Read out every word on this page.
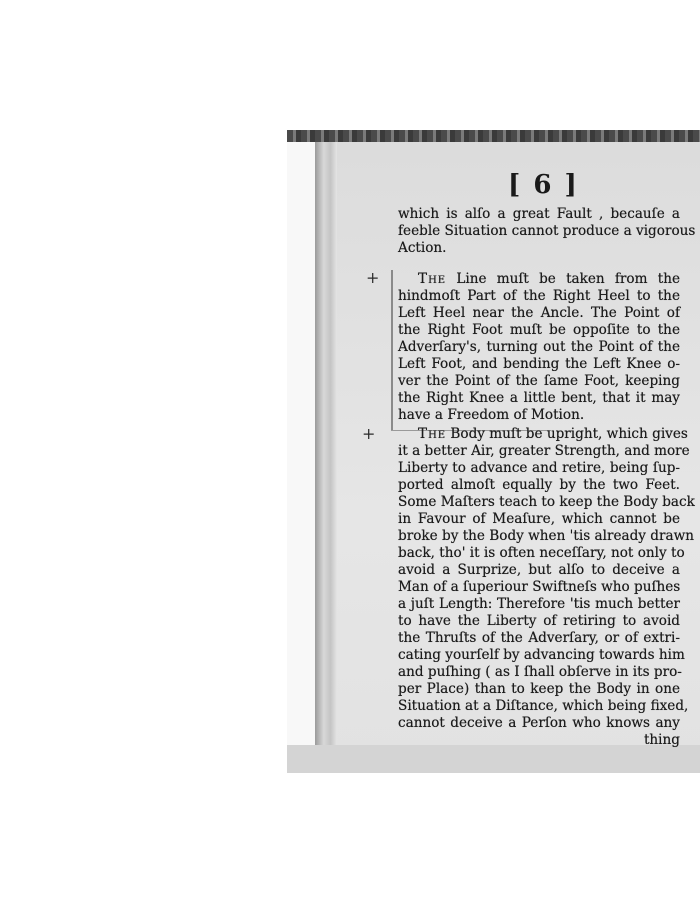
[ 6 ]
+
+
which is alſo a great Fault , becauſe a
feeble Situation cannot produce a vigorous
Action.
The Line muſt be taken from the
hindmoſt Part of the Right Heel to the
Left Heel near the Ancle. The Point of
the Right Foot muſt be oppoſite to the
Adverſary's, turning out the Point of the
Left Foot, and bending the Left Knee o-
ver the Point of the ſame Foot, keeping
the Right Knee a little bent, that it may
have a Freedom of Motion.
The Body muſt be upright, which gives
it a better Air, greater Strength, and more
Liberty to advance and retire, being ſup-
ported almoſt equally by the two Feet.
Some Maſters teach to keep the Body back
in Favour of Meaſure, which cannot be
broke by the Body when 'tis already drawn
back, tho' it is often neceſſary, not only to
avoid a Surprize, but alſo to deceive a
Man of a ſuperiour Swiftneſs who puſhes
a juſt Length: Therefore 'tis much better
to have the Liberty of retiring to avoid
the Thruſts of the Adverſary, or of extri-
cating yourſelf by advancing towards him
and puſhing ( as I ſhall obſerve in its pro-
per Place) than to keep the Body in one
Situation at a Diſtance, which being fixed,
cannot deceive a Perſon who knows any
thing
